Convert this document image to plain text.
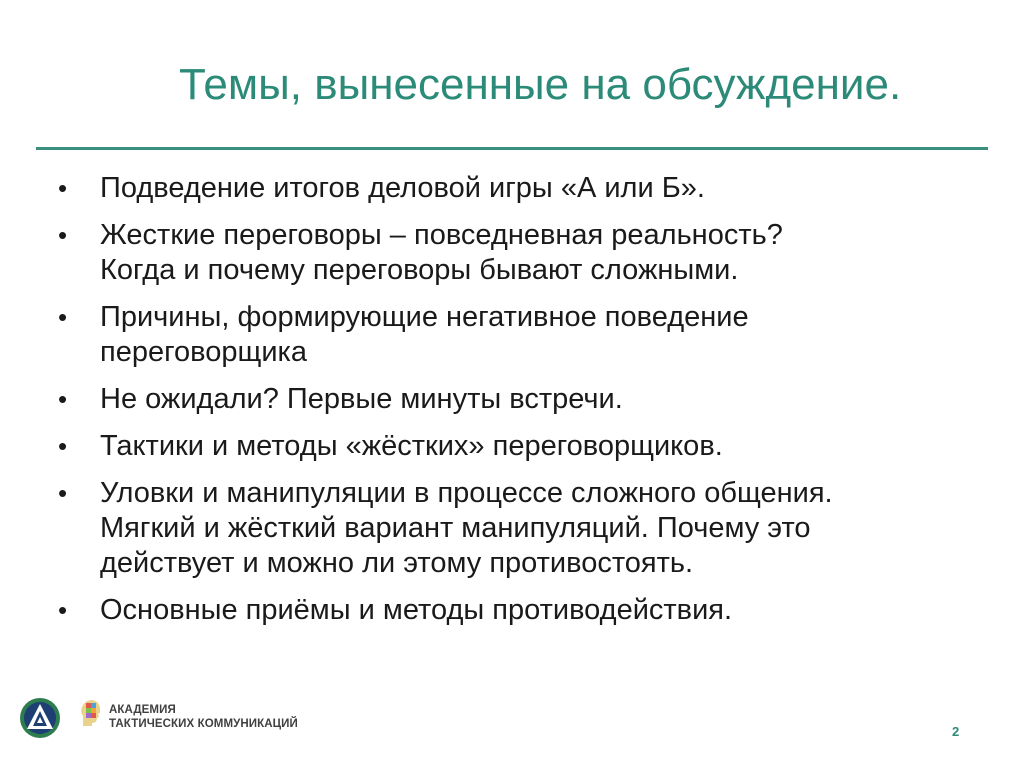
Темы, вынесенные на обсуждение.
•	Подведение итогов деловой игры «А или Б».
•	Жесткие переговоры – повседневная реальность?
Когда и почему переговоры бывают сложными.
•	Причины, формирующие негативное поведение
переговорщика
•	Не ожидали? Первые минуты встречи.
•	Тактики и методы «жёстких» переговорщиков.
•	Уловки и манипуляции в процессе сложного общения.
Мягкий и жёсткий вариант манипуляций. Почему это
действует и можно ли этому противостоять.
•	Основные приёмы и методы противодействия.
АКАДЕМИЯ
ТАКТИЧЕСКИХ КОММУНИКАЦИЙ	2
